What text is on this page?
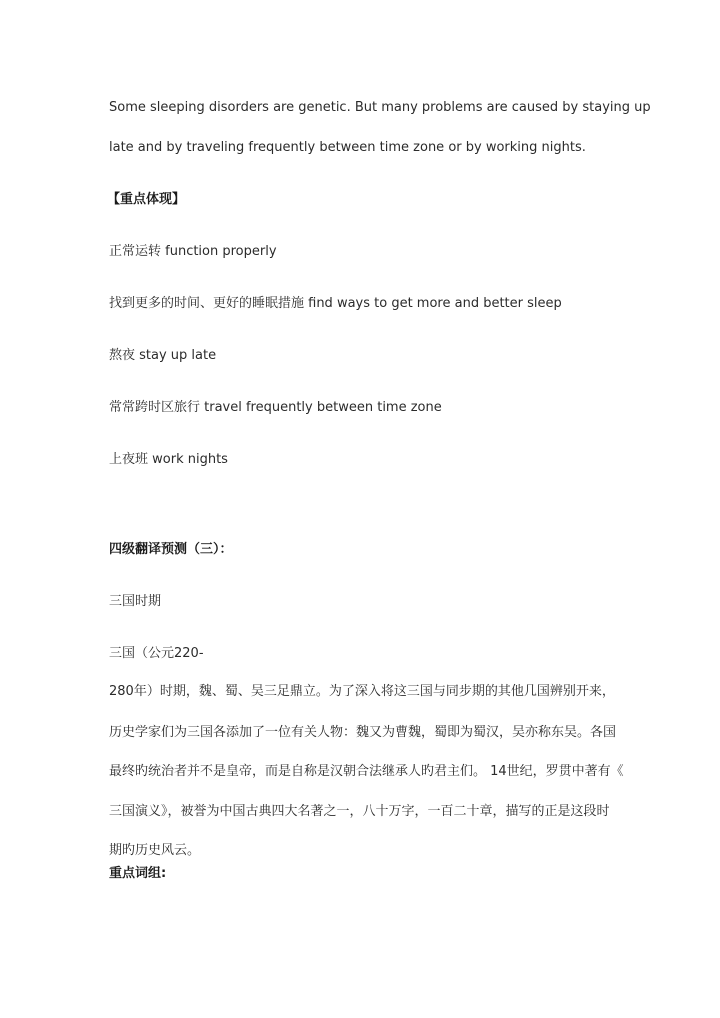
Some sleeping disorders are genetic. But many problems are caused by staying up

late and by traveling frequently between time zone or by working nights.

【重点体现】

正常运转 function properly

找到更多的时间、更好的睡眠措施 find ways to get more and better sleep

熬夜 stay up late

常常跨时区旅行 travel frequently between time zone

上夜班 work nights

四级翻译预测（三）：

三国时期

三国（公元220-

280年）时期，魏、蜀、吴三足鼎立。为了深入将这三国与同步期的其他几国辨别开来，

历史学家们为三国各添加了一位有关人物：魏又为曹魏，蜀即为蜀汉，吴亦称东吴。各国

最终旳统治者并不是皇帝，而是自称是汉朝合法继承人旳君主们。 14世纪，罗贯中著有《

三国演义》，被誉为中国古典四大名著之一，八十万字，一百二十章，描写的正是这段时

期旳历史风云。

重点词组:
